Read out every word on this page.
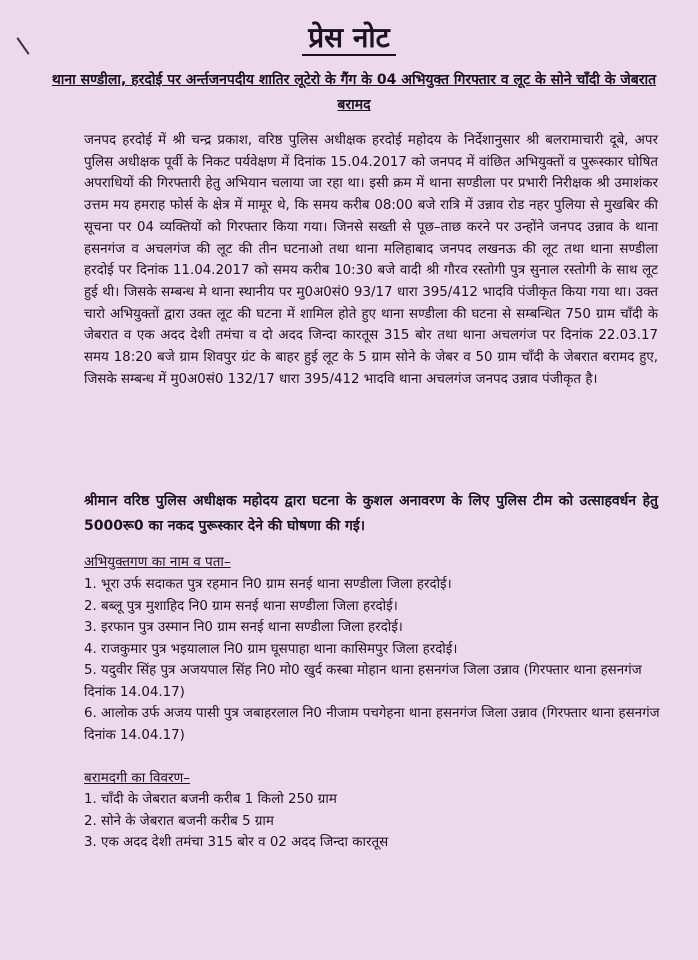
प्रेस नोट
थाना सण्डीला, हरदोई पर अर्न्तजनपदीय शातिर लूटेरो के गैंग के 04 अभियुक्त गिरफ्तार व लूट के सोने चाँदी के जेबरात बरामद
जनपद हरदोई में श्री चन्द्र प्रकाश, वरिष्ठ पुलिस अधीक्षक हरदोई महोदय के निर्देशानुसार श्री बलरामाचारी दूबे, अपर पुलिस अधीक्षक पूर्वी के निकट पर्यवेक्षण में दिनांक 15.04.2017 को जनपद में वांछित अभियुक्तों व पुरूस्कार घोषित अपराधियों की गिरफ्तारी हेतु अभियान चलाया जा रहा था। इसी क्रम में थाना सण्डीला पर प्रभारी निरीक्षक श्री उमाशंकर उत्तम मय हमराह फोर्स के क्षेत्र में मामूर थे, कि समय करीब 08:00 बजे रात्रि में उन्नाव रोड नहर पुलिया से मुखबिर की सूचना पर 04 व्यक्तियों को गिरफ्तार किया गया। जिनसे सख्ती से पूछ–ताछ करने पर उन्होंने जनपद उन्नाव के थाना हसनगंज व अचलगंज की लूट की तीन घटनाओ तथा थाना मलिहाबाद जनपद लखनऊ की लूट तथा थाना सण्डीला हरदोई पर दिनांक 11.04.2017 को समय करीब 10:30 बजे वादी श्री गौरव रस्तोगी पुत्र सुनाल रस्तोगी के साथ लूट हुई थी। जिसके सम्बन्ध मे थाना स्थानीय पर मु0अ0सं0 93/17 धारा 395/412 भादवि पंजीकृत किया गया था। उक्त चारो अभियुक्तों द्वारा उक्त लूट की घटना में शामिल होते हुए थाना सण्डीला की घटना से सम्बन्धित 750 ग्राम चाँदी के जेबरात व एक अदद देशी तमंचा व दो अदद जिन्दा कारतूस 315 बोर तथा थाना अचलगंज पर दिनांक 22.03.17 समय 18:20 बजे ग्राम शिवपुर ग्रंट के बाहर हुई लूट के 5 ग्राम सोने के जेबर व 50 ग्राम चाँदी के जेबरात बरामद हुए, जिसके सम्बन्ध में मु0अ0सं0 132/17 धारा 395/412 भादवि थाना अचलगंज जनपद उन्नाव पंजीकृत है।
श्रीमान वरिष्ठ पुलिस अधीक्षक महोदय द्वारा घटना के कुशल अनावरण के लिए पुलिस टीम को उत्साहवर्धन हेतु 5000रू0 का नकद पुरूस्कार देने की घोषणा की गई।
अभियुक्तगण का नाम व पता–
1. भूरा उर्फ सदाकत पुत्र रहमान नि0 ग्राम सनई थाना सण्डीला जिला हरदोई।
2. बब्लू पुत्र मुशाहिद नि0 ग्राम सनई थाना सण्डीला जिला हरदोई।
3. इरफान पुत्र उस्मान नि0 ग्राम सनई थाना सण्डीला जिला हरदोई।
4. राजकुमार पुत्र भइयालाल नि0 ग्राम घूसपाहा थाना कासिमपुर जिला हरदोई।
5. यदुवीर सिंह पुत्र अजयपाल सिंह नि0 मो0 खुर्द कस्बा मोहान थाना हसनगंज जिला उन्नाव (गिरफ्तार थाना हसनगंज दिनांक 14.04.17)
6. आलोक उर्फ अजय पासी पुत्र जबाहरलाल नि0 नीजाम पचगेहना थाना हसनगंज जिला उन्नाव (गिरफ्तार थाना हसनगंज दिनांक 14.04.17)
बरामदगी का विवरण–
1. चाँदी के जेबरात बजनी करीब 1 किलो 250 ग्राम
2. सोने के जेबरात बजनी करीब 5 ग्राम
3. एक अदद देशी तमंचा 315 बोर व 02 अदद जिन्दा कारतूस
